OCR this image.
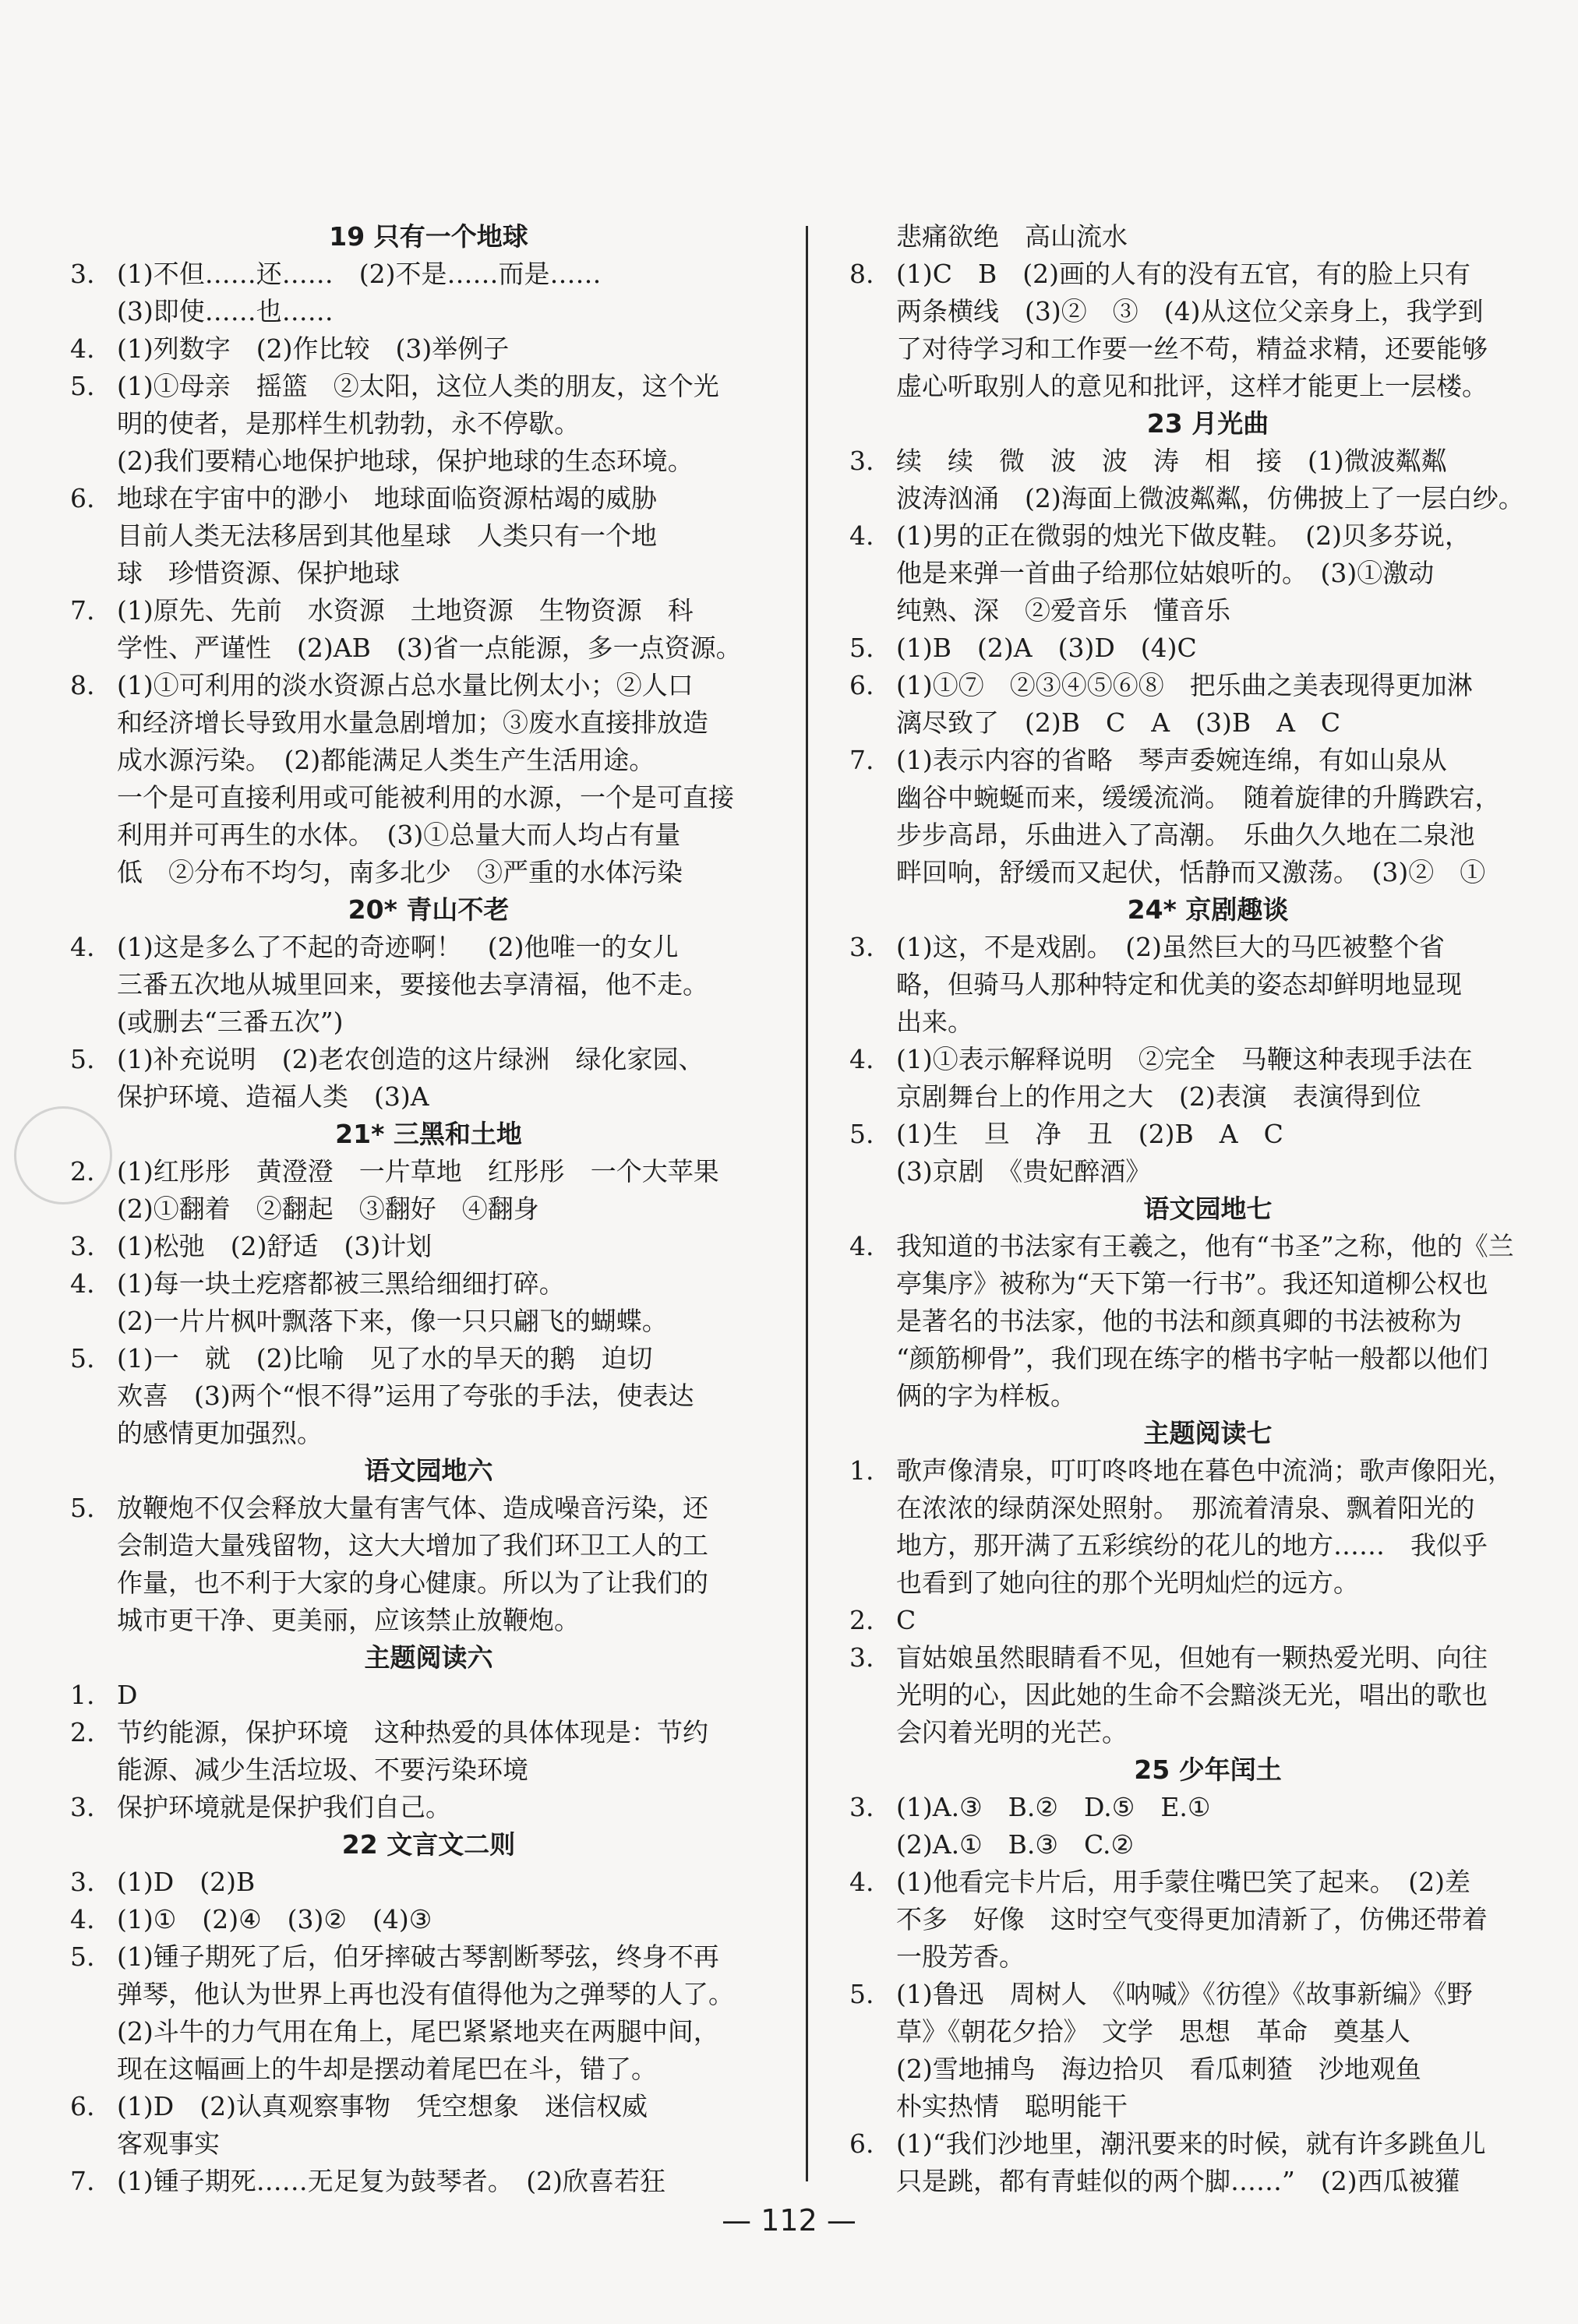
19 只有一个地球
3. (1)不但……还……　(2)不是……而是……
(3)即使……也……
4. (1)列数字　(2)作比较　(3)举例子
5. (1)①母亲　摇篮　②太阳，这位人类的朋友，这个光
明的使者，是那样生机勃勃，永不停歇。
(2)我们要精心地保护地球，保护地球的生态环境。
6. 地球在宇宙中的渺小　地球面临资源枯竭的威胁
目前人类无法移居到其他星球　人类只有一个地
球　珍惜资源、保护地球
7. (1)原先、先前　水资源　土地资源　生物资源　科
学性、严谨性　(2)AB　(3)省一点能源，多一点资源。
8. (1)①可利用的淡水资源占总水量比例太小；②人口
和经济增长导致用水量急剧增加；③废水直接排放造
成水源污染。　(2)都能满足人类生产生活用途。
一个是可直接利用或可能被利用的水源，一个是可直接
利用并可再生的水体。　(3)①总量大而人均占有量
低　②分布不均匀，南多北少　③严重的水体污染
20* 青山不老
4. (1)这是多么了不起的奇迹啊！　(2)他唯一的女儿
三番五次地从城里回来，要接他去享清福，他不走。
(或删去“三番五次”)
5. (1)补充说明　(2)老农创造的这片绿洲　绿化家园、
保护环境、造福人类　(3)A
21* 三黑和土地
2. (1)红彤彤　黄澄澄　一片草地　红彤彤　一个大苹果
(2)①翻着　②翻起　③翻好　④翻身
3. (1)松弛　(2)舒适　(3)计划
4. (1)每一块土疙瘩都被三黑给细细打碎。
(2)一片片枫叶飘落下来，像一只只翩飞的蝴蝶。
5. (1)一　就　(2)比喻　见了水的旱天的鹅　迫切
欢喜　(3)两个“恨不得”运用了夸张的手法，使表达
的感情更加强烈。
语文园地六
5. 放鞭炮不仅会释放大量有害气体、造成噪音污染，还
会制造大量残留物，这大大增加了我们环卫工人的工
作量，也不利于大家的身心健康。所以为了让我们的
城市更干净、更美丽，应该禁止放鞭炮。
主题阅读六
1. D
2. 节约能源，保护环境　这种热爱的具体体现是：节约
能源、减少生活垃圾、不要污染环境
3. 保护环境就是保护我们自己。
22 文言文二则
3. (1)D　(2)B
4. (1)①　(2)④　(3)②　(4)③
5. (1)锺子期死了后，伯牙摔破古琴割断琴弦，终身不再
弹琴，他认为世界上再也没有值得他为之弹琴的人了。
(2)斗牛的力气用在角上，尾巴紧紧地夹在两腿中间，
现在这幅画上的牛却是摆动着尾巴在斗，错了。
6. (1)D　(2)认真观察事物　凭空想象　迷信权威
客观事实
7. (1)锺子期死……无足复为鼓琴者。　(2)欣喜若狂
悲痛欲绝　高山流水
8. (1)C　B　(2)画的人有的没有五官，有的脸上只有
两条横线　(3)②　③　(4)从这位父亲身上，我学到
了对待学习和工作要一丝不苟，精益求精，还要能够
虚心听取别人的意见和批评，这样才能更上一层楼。
23 月光曲
3. 续　续　微　波　波　涛　相　接　(1)微波粼粼
波涛汹涌　(2)海面上微波粼粼，仿佛披上了一层白纱。
4. (1)男的正在微弱的烛光下做皮鞋。　(2)贝多芬说，
他是来弹一首曲子给那位姑娘听的。　(3)①激动
纯熟、深　②爱音乐　懂音乐
5. (1)B　(2)A　(3)D　(4)C
6. (1)①⑦　②③④⑤⑥⑧　把乐曲之美表现得更加淋
漓尽致了　(2)B　C　A　(3)B　A　C
7. (1)表示内容的省略　琴声委婉连绵，有如山泉从
幽谷中蜿蜒而来，缓缓流淌。　随着旋律的升腾跌宕，
步步高昂，乐曲进入了高潮。　乐曲久久地在二泉池
畔回响，舒缓而又起伏，恬静而又激荡。　(3)②　①
24* 京剧趣谈
3. (1)这，不是戏剧。　(2)虽然巨大的马匹被整个省
略，但骑马人那种特定和优美的姿态却鲜明地显现
出来。
4. (1)①表示解释说明　②完全　马鞭这种表现手法在
京剧舞台上的作用之大　(2)表演　表演得到位
5. (1)生　旦　净　丑　(2)B　A　C
(3)京剧　《贵妃醉酒》
语文园地七
4. 我知道的书法家有王羲之，他有“书圣”之称，他的《兰
亭集序》被称为“天下第一行书”。我还知道柳公权也
是著名的书法家，他的书法和颜真卿的书法被称为
“颜筋柳骨”，我们现在练字的楷书字帖一般都以他们
俩的字为样板。
主题阅读七
1. 歌声像清泉，叮叮咚咚地在暮色中流淌；歌声像阳光，
在浓浓的绿荫深处照射。　那流着清泉、飘着阳光的
地方，那开满了五彩缤纷的花儿的地方……　我似乎
也看到了她向往的那个光明灿烂的远方。
2. C
3. 盲姑娘虽然眼睛看不见，但她有一颗热爱光明、向往
光明的心，因此她的生命不会黯淡无光，唱出的歌也
会闪着光明的光芒。
25 少年闰土
3. (1)A.③　B.②　D.⑤　E.①
(2)A.①　B.③　C.②
4. (1)他看完卡片后，用手蒙住嘴巴笑了起来。　(2)差
不多　好像　这时空气变得更加清新了，仿佛还带着
一股芳香。
5. (1)鲁迅　周树人　《呐喊》《彷徨》《故事新编》《野
草》《朝花夕拾》　文学　思想　革命　奠基人
(2)雪地捕鸟　海边拾贝　看瓜刺猹　沙地观鱼
朴实热情　聪明能干
6. (1)“我们沙地里，潮汛要来的时候，就有许多跳鱼儿
只是跳，都有青蛙似的两个脚……”　(2)西瓜被獾
— 112 —
